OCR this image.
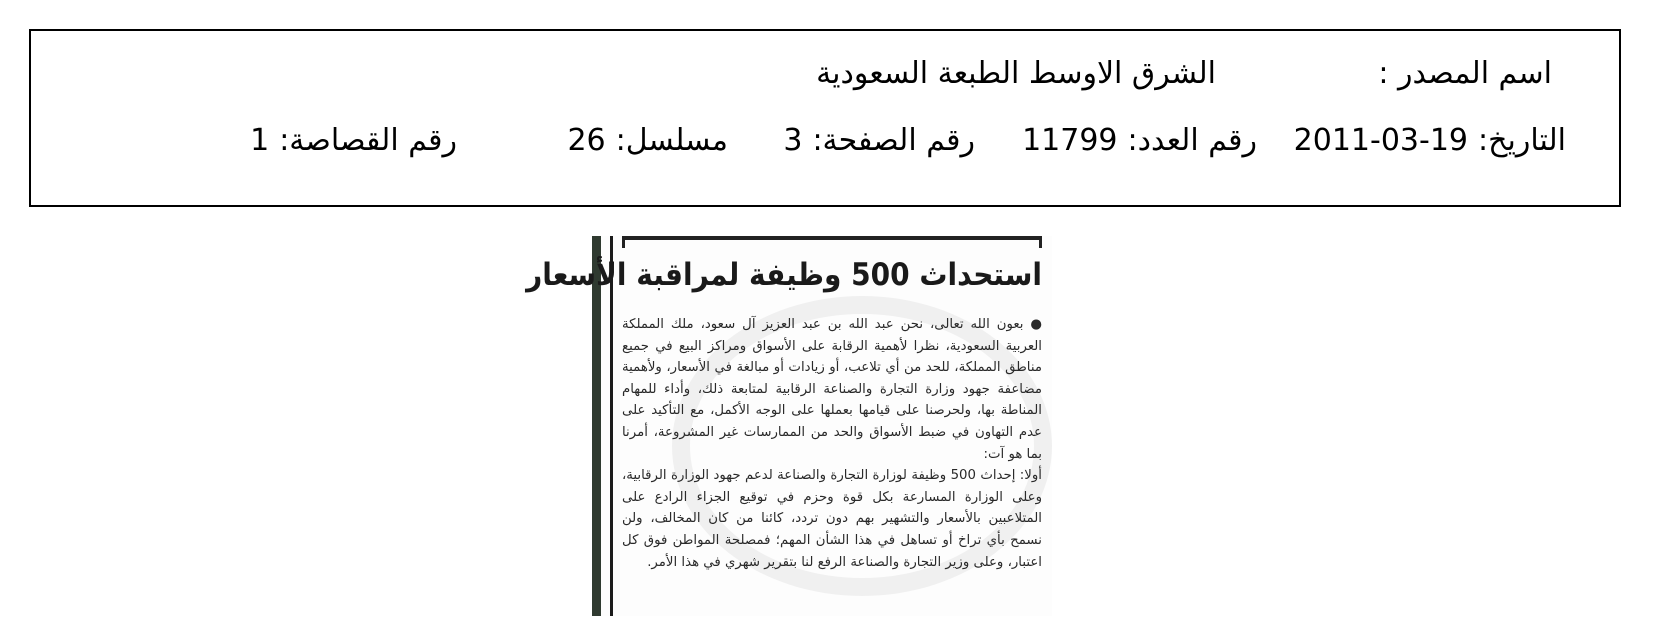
اسم المصدر :
الشرق الاوسط الطبعة السعودية
التاريخ:2011-03-19
رقم العدد:11799
رقم الصفحة:3
مسلسل:26
رقم القصاصة:1
استحداث 500 وظيفة لمراقبة الأسعار

● بعون الله تعالى، نحن عبد الله بن عبد العزيز آل سعود، ملك المملكة العربية السعودية، نظرا لأهمية الرقابة على الأسواق ومراكز البيع في جميع مناطق المملكة، للحد من أي تلاعب، أو زيادات أو مبالغة في الأسعار، ولأهمية مضاعفة جهود وزارة التجارة والصناعة الرقابية لمتابعة ذلك، وأداء للمهام المناطة بها، ولحرصنا على قيامها بعملها على الوجه الأكمل، مع التأكيد على عدم التهاون في ضبط الأسواق والحد من الممارسات غير المشروعة، أمرنا بما هو آت:

أولا: إحداث 500 وظيفة لوزارة التجارة والصناعة لدعم جهود الوزارة الرقابية، وعلى الوزارة المسارعة بكل قوة وحزم في توقيع الجزاء الرادع على المتلاعبين بالأسعار والتشهير بهم دون تردد، كائنا من كان المخالف، ولن نسمح بأي تراخ أو تساهل في هذا الشأن المهم؛ فمصلحة المواطن فوق كل اعتبار، وعلى وزير التجارة والصناعة الرفع لنا بتقرير شهري في هذا الأمر.
